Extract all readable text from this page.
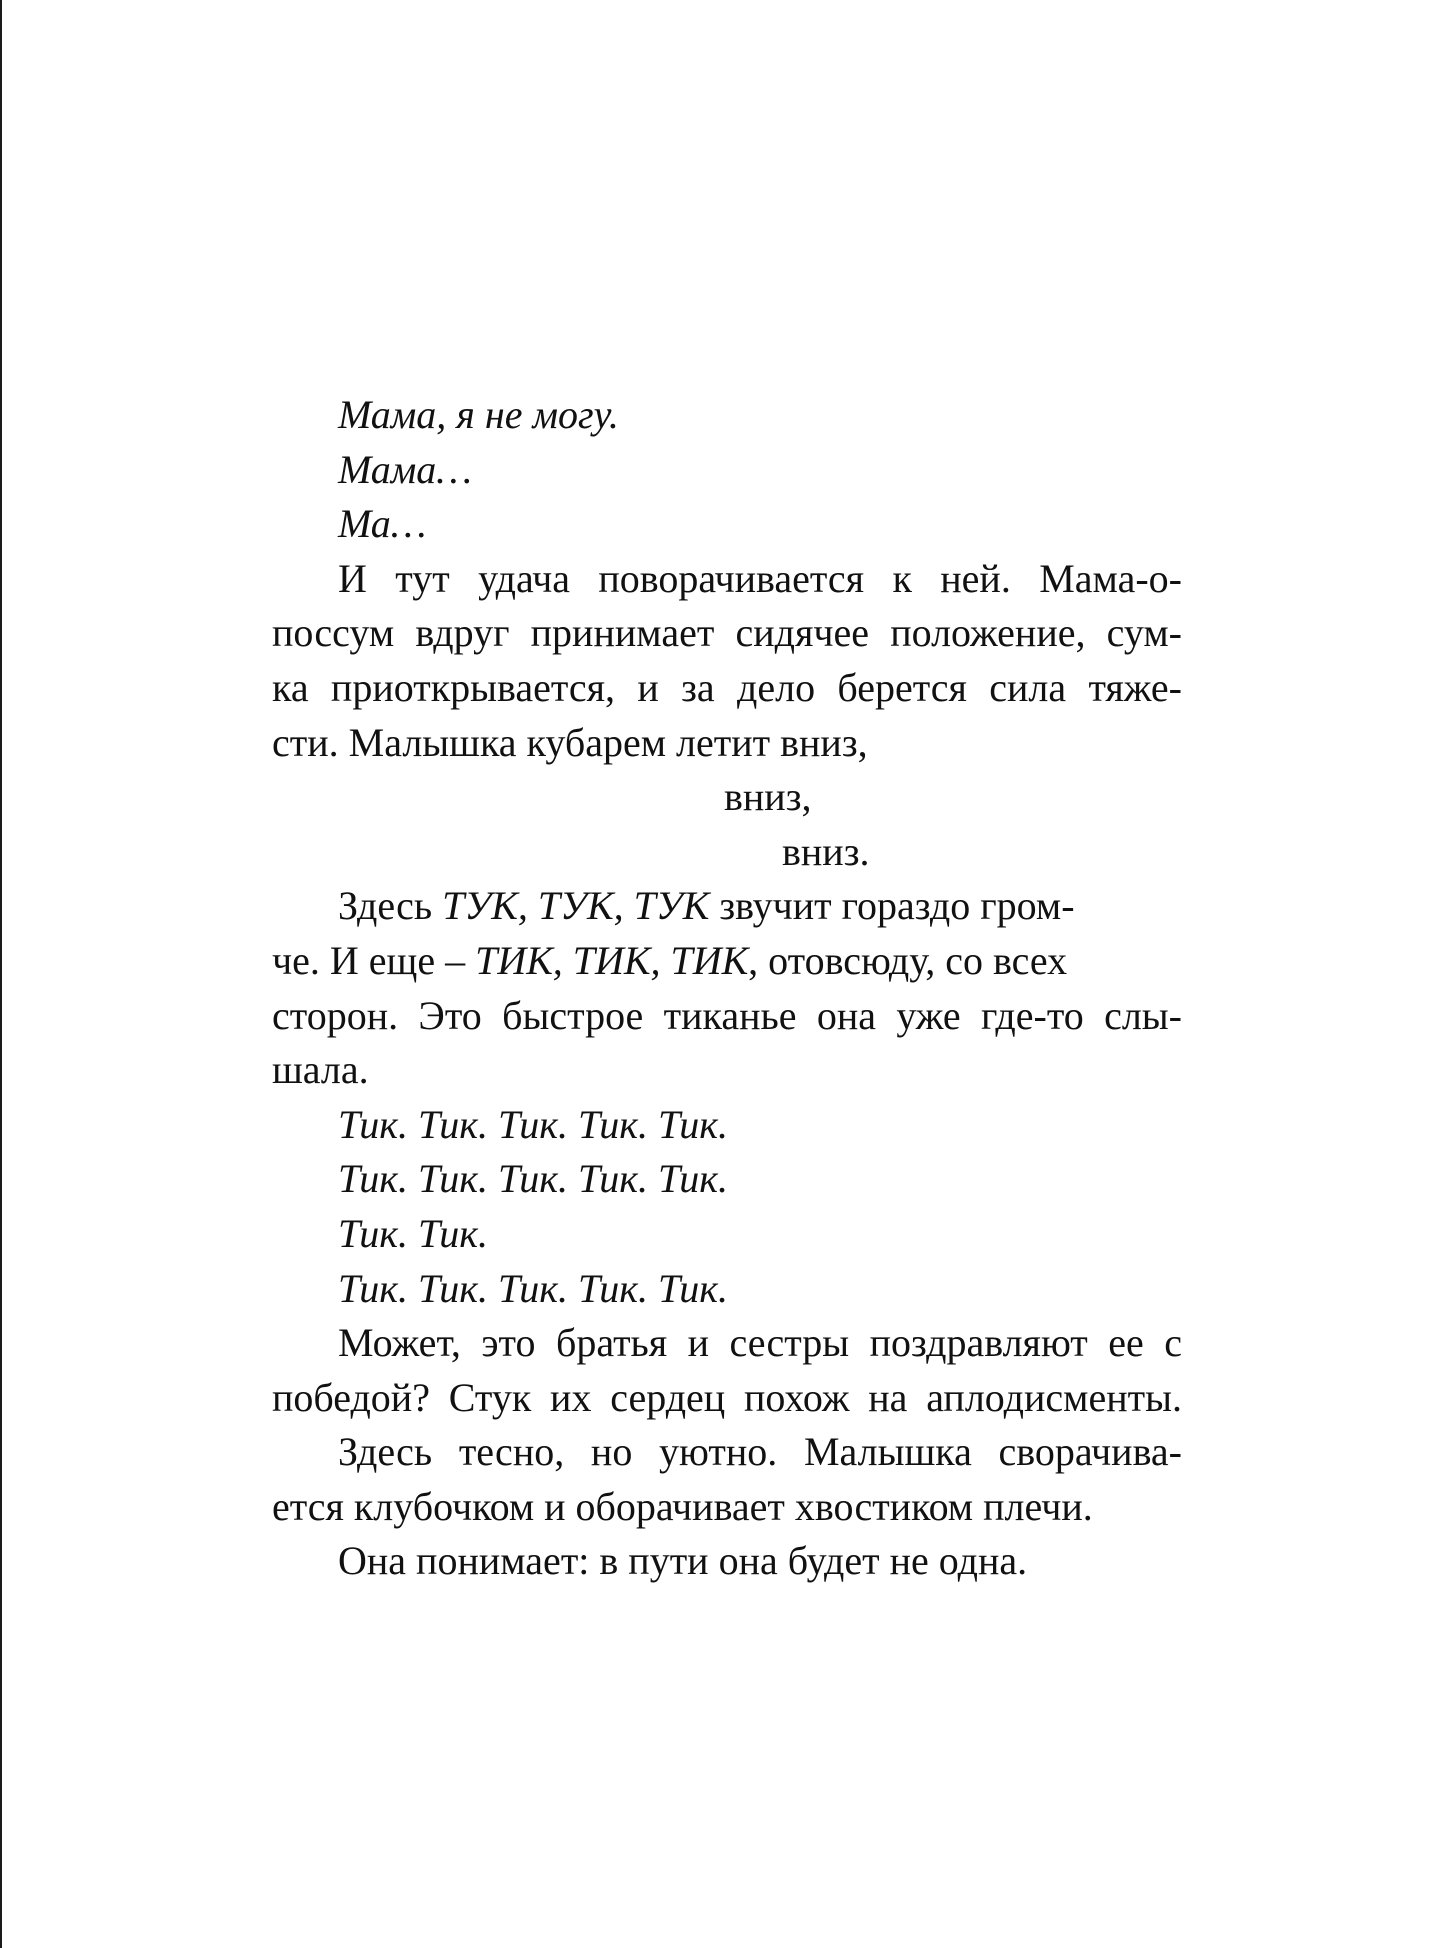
Мама, я не могу.
Мама…
Ма…
И тут удача поворачивается к ней. Мама-о-
поссум вдруг принимает сидячее положение, сум-
ка приоткрывается, и за дело берется сила тяже-
сти. Малышка кубарем летит вниз,
вниз,
вниз.
Здесь ТУК, ТУК, ТУК звучит гораздо гром-
че. И еще – ТИК, ТИК, ТИК, отовсюду, со всех
сторон. Это быстрое тиканье она уже где-то слы-
шала.
Тик. Тик. Тик. Тик. Тик.
Тик. Тик. Тик. Тик. Тик.
Тик. Тик.
Тик. Тик. Тик. Тик. Тик.
Может, это братья и сестры поздравляют ее с
победой? Стук их сердец похож на аплодисменты.
Здесь тесно, но уютно. Малышка сворачива-
ется клубочком и оборачивает хвостиком плечи.
Она понимает: в пути она будет не одна.
